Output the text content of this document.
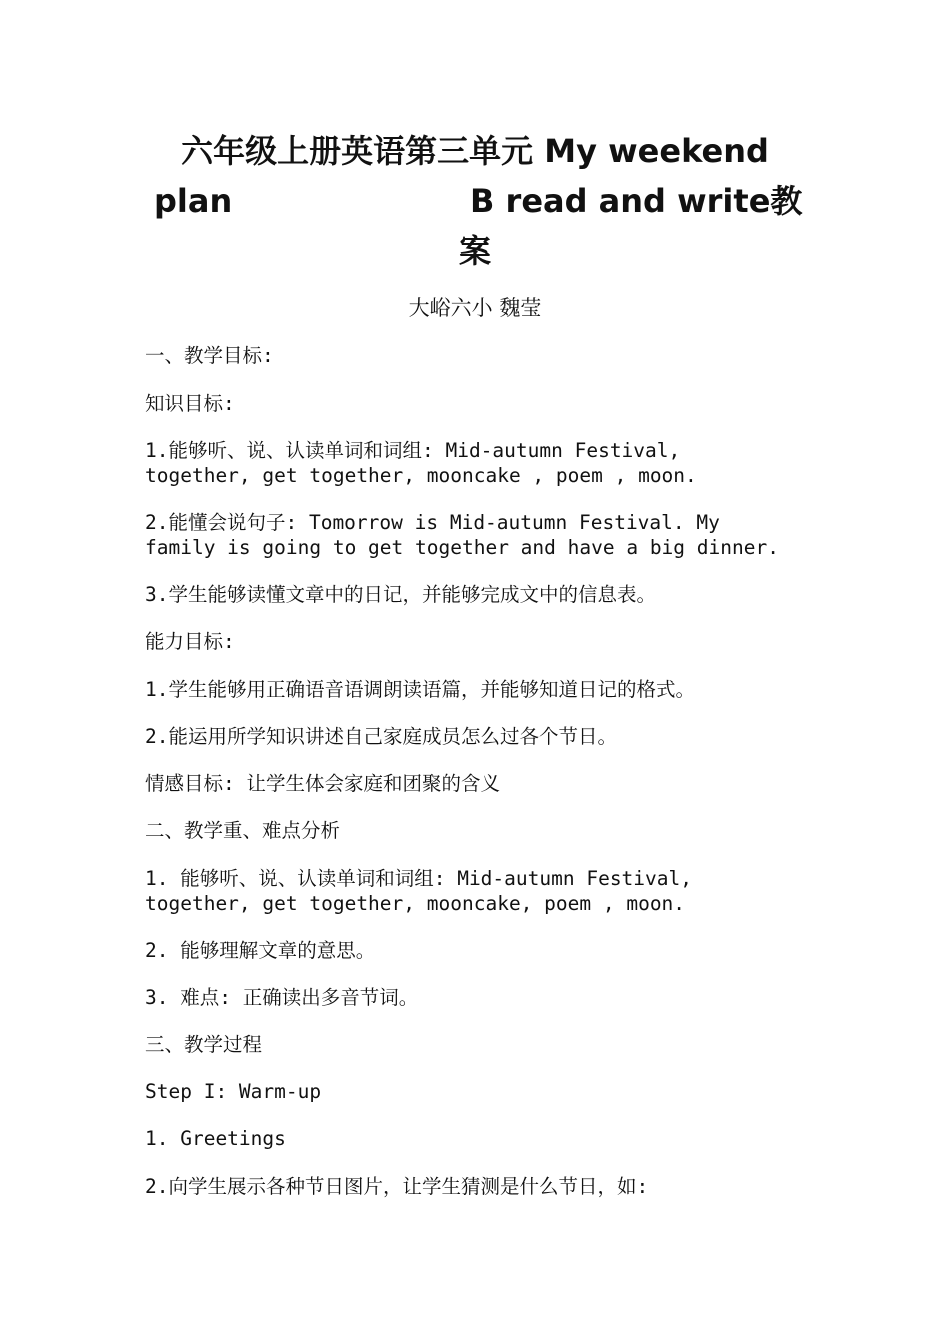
六年级上册英语第三单元 My weekend
plan	B read and write教
案
大峪六小 魏莹
一、教学目标:
知识目标:
1.能够听、说、认读单词和词组: Mid-autumn Festival,
together, get together, mooncake , poem , moon.
2.能懂会说句子: Tomorrow is Mid-autumn Festival. My
family is going to get together and have a big dinner.
3.学生能够读懂文章中的日记，并能够完成文中的信息表。
能力目标:
1.学生能够用正确语音语调朗读语篇，并能够知道日记的格式。
2.能运用所学知识讲述自己家庭成员怎么过各个节日。
情感目标: 让学生体会家庭和团聚的含义
二、教学重、难点分析
1. 能够听、说、认读单词和词组: Mid-autumn Festival,
together, get together, mooncake, poem , moon.
2. 能够理解文章的意思。
3. 难点: 正确读出多音节词。
三、教学过程
Step I: Warm-up
1. Greetings
2.向学生展示各种节日图片，让学生猜测是什么节日，如:
